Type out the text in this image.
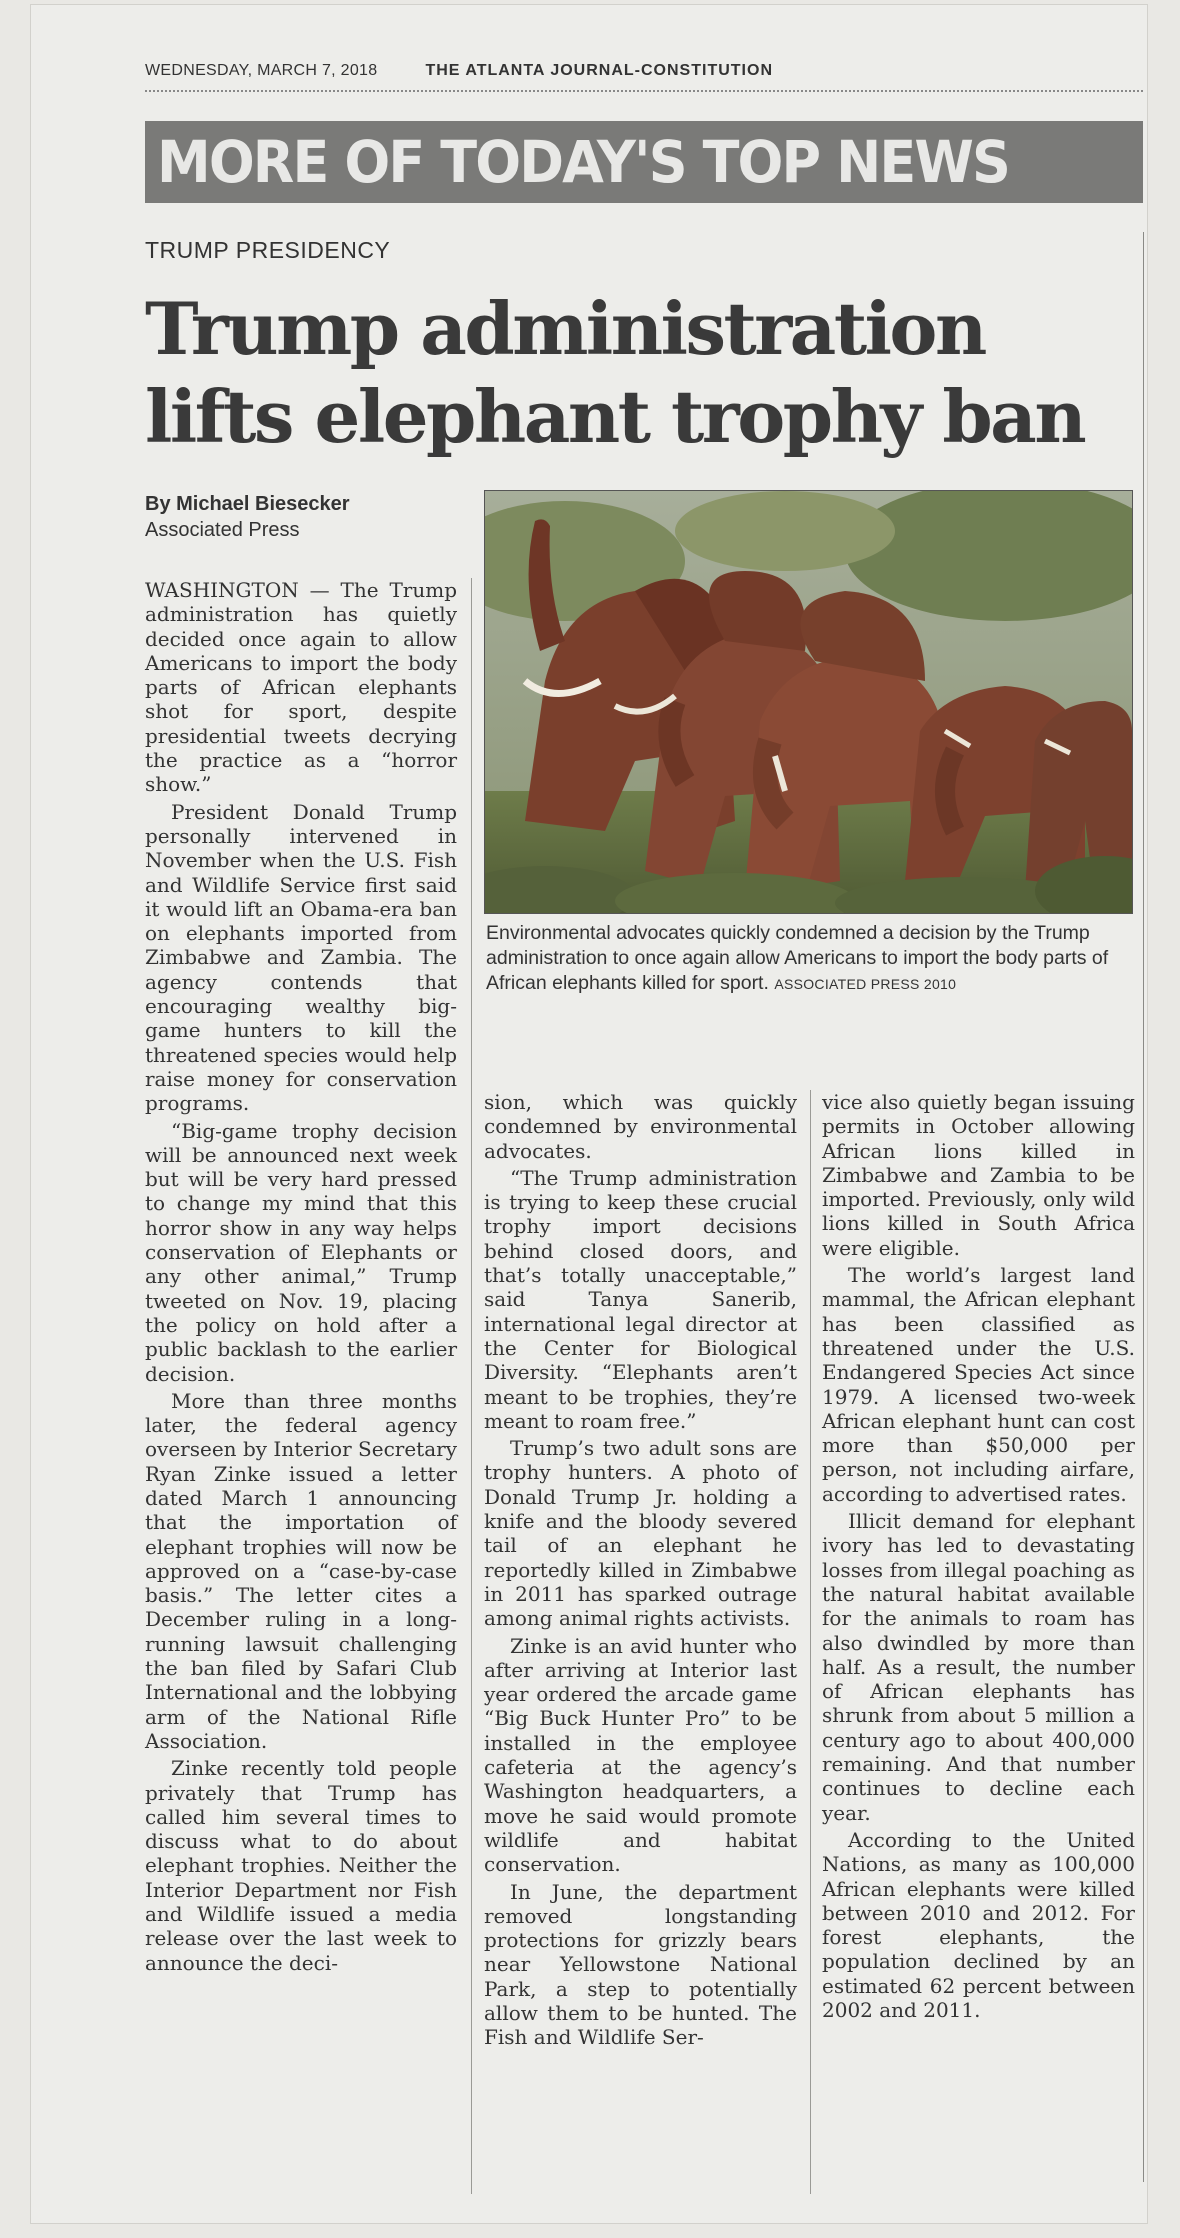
WEDNESDAY, MARCH 7, 2018	THE ATLANTA JOURNAL-CONSTITUTION
MORE OF TODAY'S TOP NEWS
TRUMP PRESIDENCY
Trump administration
lifts elephant trophy ban
By Michael Biesecker
Associated Press
Environmental advocates quickly condemned a decision by the Trump administration to once again allow Americans to import the body parts of African elephants killed for sport. ASSOCIATED PRESS 2010

WASHINGTON — The Trump administration has quietly decided once again to allow Americans to import the body parts of African elephants shot for sport, despite presidential tweets decrying the practice as a “horror show.”

President Donald Trump personally intervened in November when the U.S. Fish and Wildlife Service first said it would lift an Obama-era ban on elephants imported from Zimbabwe and Zambia. The agency contends that encouraging wealthy big-game hunters to kill the threatened species would help raise money for conservation programs.

“Big-game trophy decision will be announced next week but will be very hard pressed to change my mind that this horror show in any way helps conservation of Elephants or any other animal,” Trump tweeted on Nov. 19, placing the policy on hold after a public backlash to the earlier decision.

More than three months later, the federal agency overseen by Interior Secretary Ryan Zinke issued a letter dated March 1 announcing that the importation of elephant trophies will now be approved on a “case-by-case basis.” The letter cites a December ruling in a long-running lawsuit challenging the ban filed by Safari Club International and the lobbying arm of the National Rifle Association.

Zinke recently told people privately that Trump has called him several times to discuss what to do about elephant trophies. Neither the Interior Department nor Fish and Wildlife issued a media release over the last week to announce the deci-

sion, which was quickly condemned by environmental advocates.

“The Trump administration is trying to keep these crucial trophy import decisions behind closed doors, and that’s totally unacceptable,” said Tanya Sanerib, international legal director at the Center for Biological Diversity. “Elephants aren’t meant to be trophies, they’re meant to roam free.”

Trump’s two adult sons are trophy hunters. A photo of Donald Trump Jr. holding a knife and the bloody severed tail of an elephant he reportedly killed in Zimbabwe in 2011 has sparked outrage among animal rights activists.

Zinke is an avid hunter who after arriving at Interior last year ordered the arcade game “Big Buck Hunter Pro” to be installed in the employee cafeteria at the agency’s Washington headquarters, a move he said would promote wildlife and habitat conservation.

In June, the department removed longstanding protections for grizzly bears near Yellowstone National Park, a step to potentially allow them to be hunted. The Fish and Wildlife Ser-

vice also quietly began issuing permits in October allowing African lions killed in Zimbabwe and Zambia to be imported. Previously, only wild lions killed in South Africa were eligible.

The world’s largest land mammal, the African elephant has been classified as threatened under the U.S. Endangered Species Act since 1979. A licensed two-week African elephant hunt can cost more than $50,000 per person, not including airfare, according to advertised rates.

Illicit demand for elephant ivory has led to devastating losses from illegal poaching as the natural habitat available for the animals to roam has also dwindled by more than half. As a result, the number of African elephants has shrunk from about 5 million a century ago to about 400,000 remaining. And that number continues to decline each year.

According to the United Nations, as many as 100,000 African elephants were killed between 2010 and 2012. For forest elephants, the population declined by an estimated 62 percent between 2002 and 2011.
